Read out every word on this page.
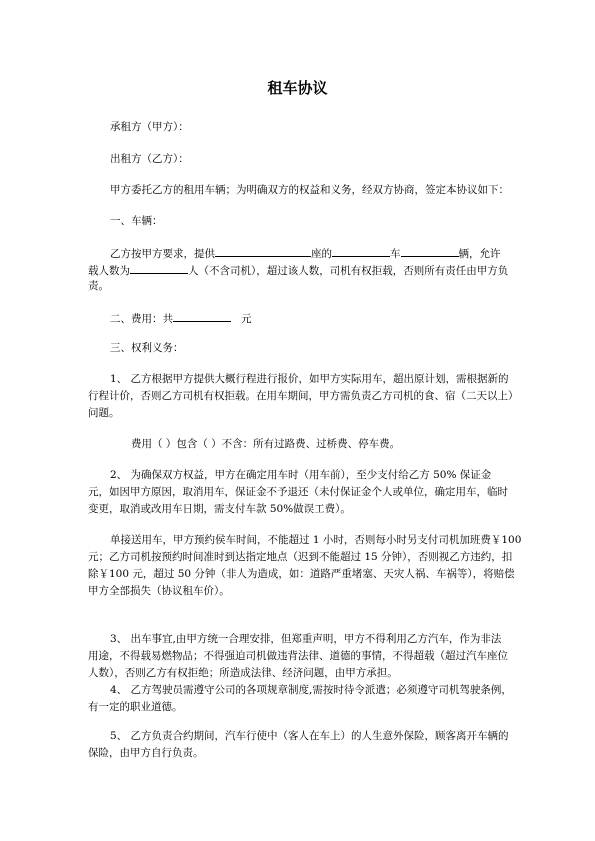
租车协议
承租方（甲方）：
出租方（乙方）：
甲方委托乙方的租用车辆；为明确双方的权益和义务，经双方协商，签定本协议如下：
一、车辆：
乙方按甲方要求，提供	座的	车	辆，允许
载人数为	人（不含司机），超过该人数，司机有权拒载，否则所有责任由甲方负
责。
二、费用：共	元
三、权利义务：
1、 乙方根据甲方提供大概行程进行报价，如甲方实际用车，超出原计划，需根据新的
行程计价，否则乙方司机有权拒载。在用车期间，甲方需负责乙方司机的食、宿（二天以上）
问题。
费用（ ）包含（ ）不含：所有过路费、过桥费、停车费。
2、 为确保双方权益，甲方在确定用车时（用车前），至少支付给乙方 50% 保证金
元，如因甲方原因，取消用车，保证金不予退还（未付保证金个人或单位，确定用车，临时
变更，取消或改用车日期，需支付车款 50%做误工费）。
单接送用车，甲方预约侯车时间，不能超过 1 小时，否则每小时另支付司机加班费￥100
元；乙方司机按预约时间准时到达指定地点（迟到不能超过 15 分钟），否则视乙方违约，扣
除￥100 元，超过 50 分钟（非人为造成，如：道路严重堵塞、天灾人祸、车祸等），将赔偿
甲方全部损失（协议租车价）。
3、 出车事宜,由甲方统一合理安排，但郑重声明，甲方不得利用乙方汽车，作为非法
用途，不得载易燃物品；不得强迫司机做违背法律、道德的事情，不得超载（超过汽车座位
人数），否则乙方有权拒绝；所造成法律、经济问题，由甲方承担。
4、 乙方驾驶员需遵守公司的各项规章制度,需按时待令派遣；必须遵守司机驾驶条例，
有一定的职业道德。
5、 乙方负责合约期间，汽车行使中（客人在车上）的人生意外保险，顾客离开车辆的
保险，由甲方自行负责。
